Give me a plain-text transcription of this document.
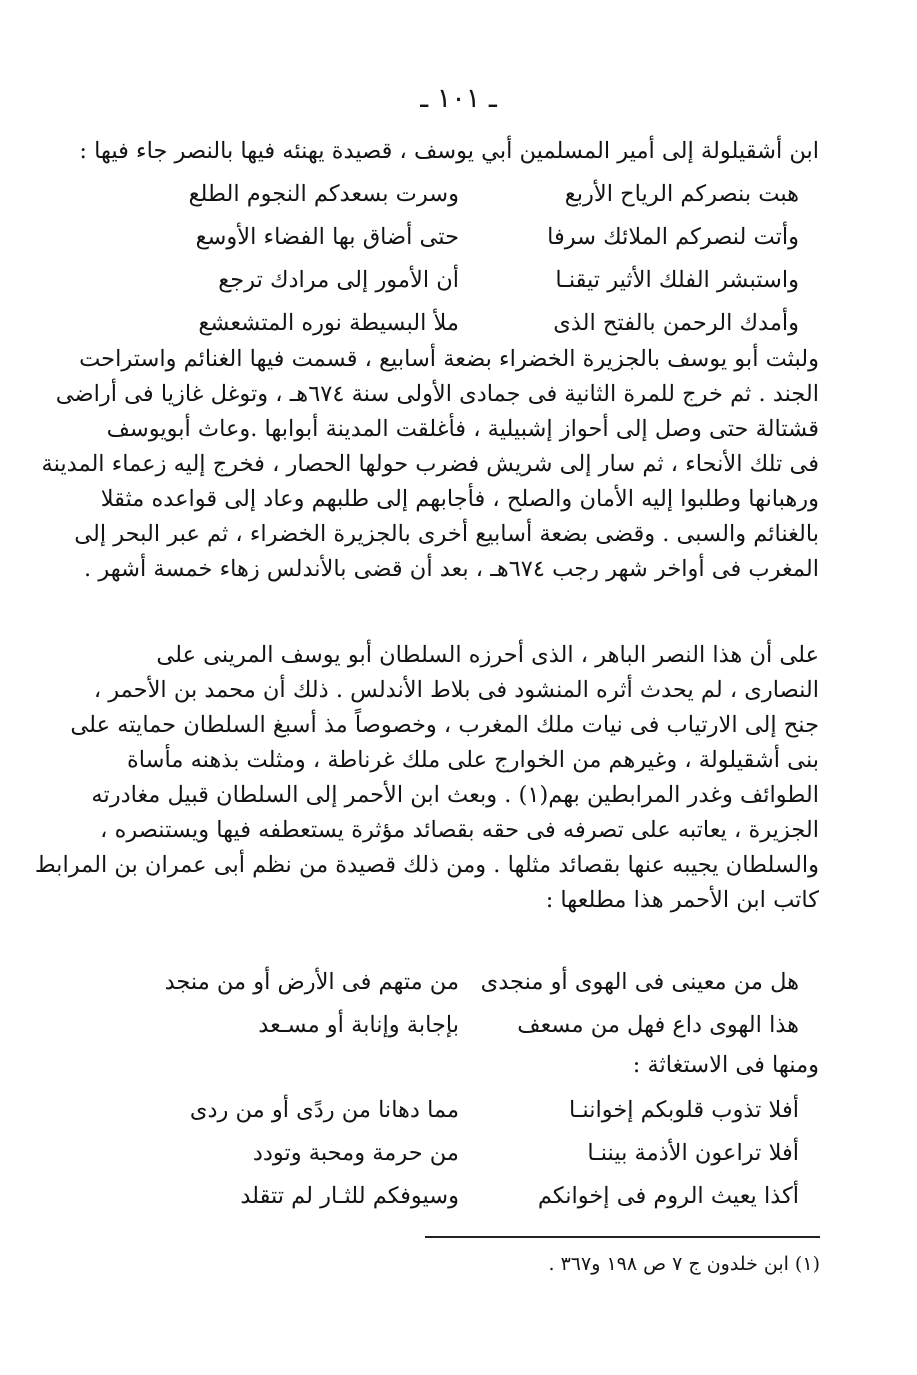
ـ ١٠١ ـ
ابن أشقيلولة إلى أمير المسلمين أبي يوسف ، قصيدة يهنئه فيها بالنصر جاء فيها :
هبت بنصركم الرياح الأربع
وسرت بسعدكم النجوم الطلع
وأتت لنصركم الملائك سرفا
حتى أضاق بها الفضاء الأوسع
واستبشر الفلك الأثير تيقنـا
أن الأمور إلى مرادك ترجع
وأمدك الرحمن بالفتح الذى
ملأ البسيطة نوره المتشعشع
ولبثت أبو يوسف بالجزيرة الخضراء بضعة أسابيع ، قسمت فيها الغنائم واستراحت
الجند . ثم خرج للمرة الثانية فى جمادى الأولى سنة ٦٧٤هـ ، وتوغل غازيا فى أراضى
قشتالة حتى وصل إلى أحواز إشبيلية ، فأغلقت المدينة أبوابها .وعاث أبويوسف
فى تلك الأنحاء ، ثم سار إلى شريش فضرب حولها الحصار ، فخرج إليه زعماء المدينة
ورهبانها وطلبوا إليه الأمان والصلح ، فأجابهم إلى طلبهم وعاد إلى قواعده مثقلا
بالغنائم والسبى . وقضى بضعة أسابيع أخرى بالجزيرة الخضراء ، ثم عبر البحر إلى
المغرب فى أواخر شهر رجب ٦٧٤هـ ، بعد أن قضى بالأندلس زهاء خمسة أشهر .
على أن هذا النصر الباهر ، الذى أحرزه السلطان أبو يوسف المرينى على
النصارى ، لم يحدث أثره المنشود فى بلاط الأندلس . ذلك أن محمد بن الأحمر ،
جنح إلى الارتياب فى نيات ملك المغرب ، وخصوصاً مذ أسبغ السلطان حمايته على
بنى أشقيلولة ، وغيرهم من الخوارج على ملك غرناطة ، ومثلت بذهنه مأساة
الطوائف وغدر المرابطين بهم(١) . وبعث ابن الأحمر إلى السلطان قبيل مغادرته
الجزيرة ، يعاتبه على تصرفه فى حقه بقصائد مؤثرة يستعطفه فيها ويستنصره ،
والسلطان يجيبه عنها بقصائد مثلها . ومن ذلك قصيدة من نظم أبى عمران بن المرابط
كاتب ابن الأحمر هذا مطلعها :
هل من معينى فى الهوى أو منجدى
من متهم فى الأرض أو من منجد
هذا الهوى داع فهل من مسعف
بإجابة وإنابة أو مسـعد
ومنها فى الاستغاثة :
أفلا تذوب قلوبكم إخواننـا
مما دهانا من ردًى أو من ردى
أفلا تراعون الأذمة بيننـا
من حرمة ومحبة وتودد
أكذا يعيث الروم فى إخوانكم
وسيوفكم للثـار لم تتقلد
(١) ابن خلدون ج ٧ ص ١٩٨ و٣٦٧ .
